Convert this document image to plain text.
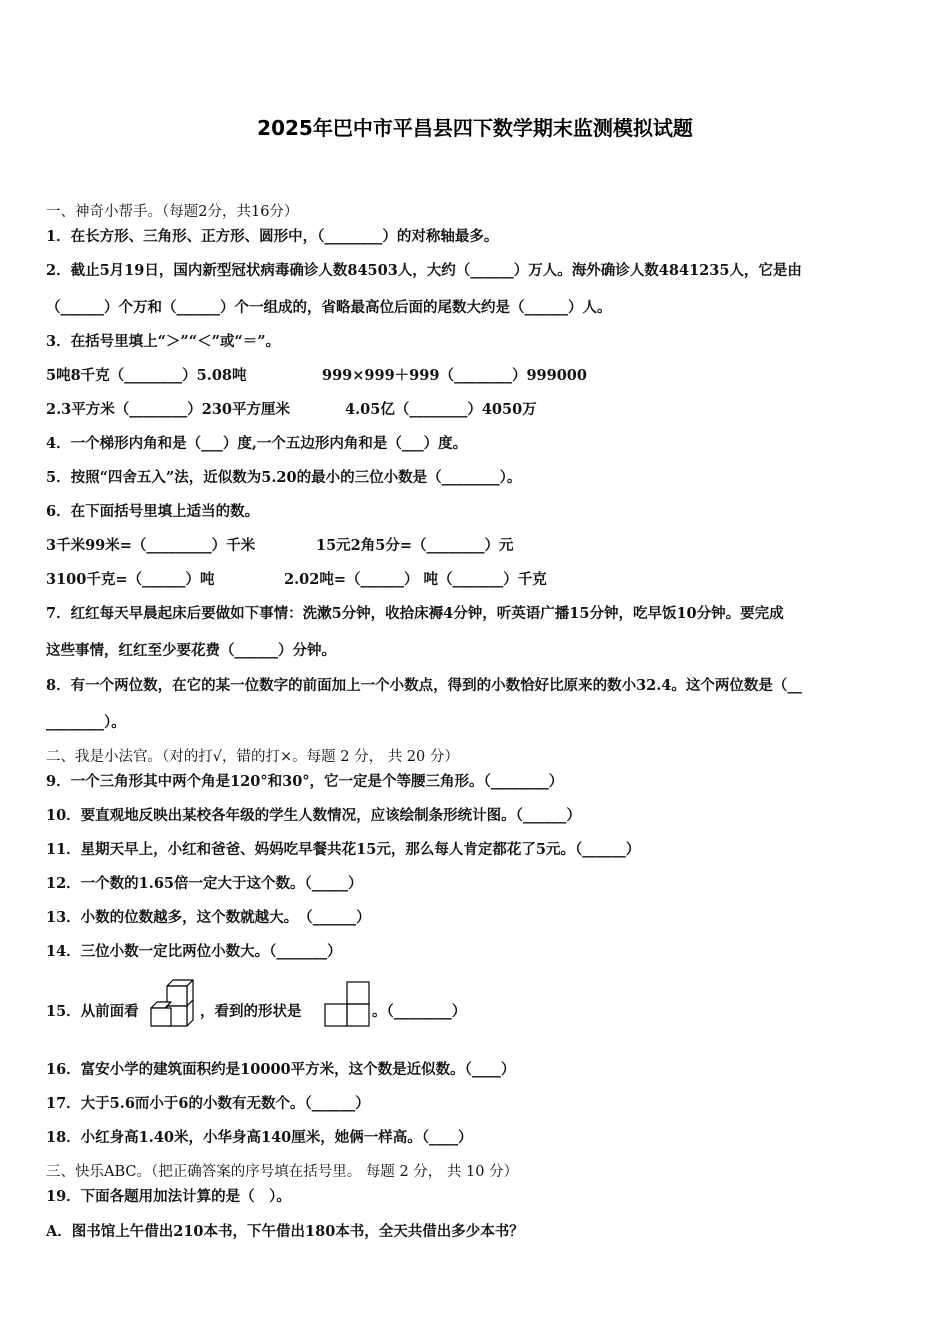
2025年巴中市平昌县四下数学期末监测模拟试题
一、神奇小帮手。（每题2分，共16分）
1．在长方形、三角形、正方形、圆形中，（________）的对称轴最多。
2．截止5月19日，国内新型冠状病毒确诊人数84503人，大约（______）万人。海外确诊人数4841235人，它是由
（______）个万和（______）个一组成的，省略最高位后面的尾数大约是（______）人。
3．在括号里填上“＞”“＜”或“＝”。
5吨8千克（________）5.08吨	999×999＋999（________）999000
2.3平方米（________）230平方厘米	4.05亿（________）4050万
4．一个梯形内角和是（___）度,一个五边形内角和是（___）度。
5．按照“四舍五入”法，近似数为5.20的最小的三位小数是（________）。
6．在下面括号里填上适当的数。
3千米99米=（_________）千米	15元2角5分=（________）元
3100千克=（______）吨	2.02吨=（______） 吨（_______）千克
7．红红每天早晨起床后要做如下事情：洗漱5分钟，收拾床褥4分钟，听英语广播15分钟，吃早饭10分钟。要完成
这些事情，红红至少要花费（______）分钟。
8．有一个两位数，在它的某一位数字的前面加上一个小数点，得到的小数恰好比原来的数小32.4。这个两位数是（__
________）。
二、我是小法官。（对的打√，错的打×。每题 2 分， 共 20 分）
9．一个三角形其中两个角是120°和30°，它一定是个等腰三角形。（________）
10．要直观地反映出某校各年级的学生人数情况，应该绘制条形统计图。（______）
11．星期天早上，小红和爸爸、妈妈吃早餐共花15元，那么每人肯定都花了5元。（______）
12．一个数的1.65倍一定大于这个数。（_____）
13．小数的位数越多，这个数就越大。　（______）
14．三位小数一定比两位小数大。（_______）
15．从前面看	，看到的形状是	。（________）
16．富安小学的建筑面积约是10000平方米，这个数是近似数。（____）
17．大于5.6而小于6的小数有无数个。（______）
18．小红身高1.40米，小华身高140厘米，她俩一样高。（____）
三、快乐ABC。（把正确答案的序号填在括号里。 每题 2 分， 共 10 分）
19．下面各题用加法计算的是（　）。
A．图书馆上午借出210本书，下午借出180本书，全天共借出多少本书？
